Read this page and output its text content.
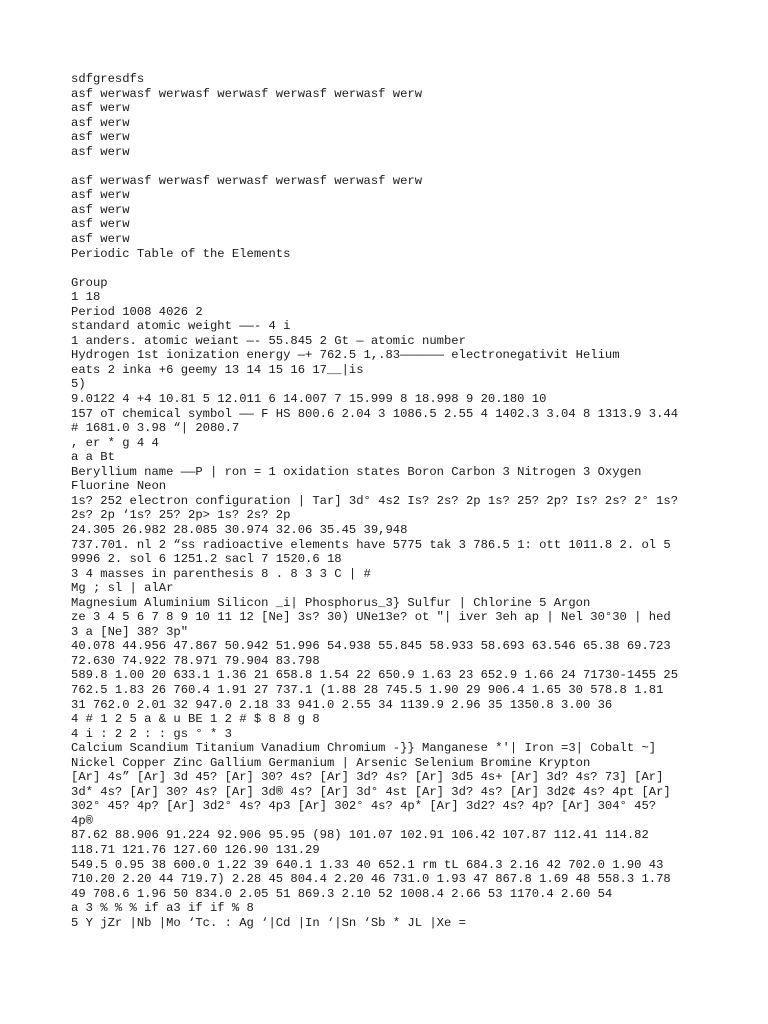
sdfgresdfs
asf werwasf werwasf werwasf werwasf werwasf werw
asf werw
asf werw
asf werw
asf werw
asf werwasf werwasf werwasf werwasf werwasf werw
asf werw
asf werw
asf werw
asf werw
Periodic Table of the Elements
Group
1 18
Period 1008 4026 2
standard atomic weight ——- 4 i
1 anders. atomic weiant —- 55.845 2 Gt — atomic number
Hydrogen 1st ionization energy —+ 762.5 1,.83—————— electronegativit Helium
eats 2 inka +6 geemy 13 14 15 16 17__|is
5)
9.0122 4 +4 10.81 5 12.011 6 14.007 7 15.999 8 18.998 9 20.180 10
157 oT chemical symbol —— F HS 800.6 2.04 3 1086.5 2.55 4 1402.3 3.04 8 1313.9 3.44
# 1681.0 3.98 “| 2080.7
, er * g 4 4
a a Bt
Beryllium name ——P | ron = 1 oxidation states Boron Carbon 3 Nitrogen 3 Oxygen
Fluorine Neon
1s? 252 electron configuration | Tar] 3d° 4s2 Is? 2s? 2p 1s? 25? 2p? Is? 2s? 2° 1s?
2s? 2p ‘1s? 25? 2p> 1s? 2s? 2p
24.305 26.982 28.085 30.974 32.06 35.45 39,948
737.701. nl 2 “ss radioactive elements have 5775 tak 3 786.5 1: ott 1011.8 2. ol 5
9996 2. sol 6 1251.2 sacl 7 1520.6 18
3 4 masses in parenthesis 8 . 8 3 3 C | #
Mg ; sl | alAr
Magnesium Aluminium Silicon _i| Phosphorus_3} Sulfur | Chlorine 5 Argon
ze 3 4 5 6 7 8 9 10 11 12 [Ne] 3s? 30) UNe13e? ot "| iver 3eh ap | Nel 30°30 | hed
3 a [Ne] 38? 3p"
40.078 44.956 47.867 50.942 51.996 54.938 55.845 58.933 58.693 63.546 65.38 69.723
72.630 74.922 78.971 79.904 83.798
589.8 1.00 20 633.1 1.36 21 658.8 1.54 22 650.9 1.63 23 652.9 1.66 24 71730-1455 25
762.5 1.83 26 760.4 1.91 27 737.1 (1.88 28 745.5 1.90 29 906.4 1.65 30 578.8 1.81
31 762.0 2.01 32 947.0 2.18 33 941.0 2.55 34 1139.9 2.96 35 1350.8 3.00 36
4 # 1 2 5 a & u BE 1 2 # $ 8 8 g 8
4 i : 2 2 : : gs ° * 3
Calcium Scandium Titanium Vanadium Chromium -}} Manganese *'| Iron =3| Cobalt ~]
Nickel Copper Zinc Gallium Germanium | Arsenic Selenium Bromine Krypton
[Ar] 4s” [Ar] 3d 45? [Ar] 30? 4s? [Ar] 3d? 4s? [Ar] 3d5 4s+ [Ar] 3d? 4s? 73] [Ar]
3d* 4s? [Ar] 30? 4s? [Ar] 3d® 4s? [Ar] 3d° 4st [Ar] 3d? 4s? [Ar] 3d2¢ 4s? 4pt [Ar]
302° 45? 4p? [Ar] 3d2° 4s? 4p3 [Ar] 302° 4s? 4p* [Ar] 3d2? 4s? 4p? [Ar] 304° 45?
4p®
87.62 88.906 91.224 92.906 95.95 (98) 101.07 102.91 106.42 107.87 112.41 114.82
118.71 121.76 127.60 126.90 131.29
549.5 0.95 38 600.0 1.22 39 640.1 1.33 40 652.1 rm tL 684.3 2.16 42 702.0 1.90 43
710.20 2.20 44 719.7) 2.28 45 804.4 2.20 46 731.0 1.93 47 867.8 1.69 48 558.3 1.78
49 708.6 1.96 50 834.0 2.05 51 869.3 2.10 52 1008.4 2.66 53 1170.4 2.60 54
a 3 % % % if a3 if if % 8
5 Y jZr |Nb |Mo ‘Tc. : Ag ‘|Cd |In ‘|Sn ‘Sb * JL |Xe =
